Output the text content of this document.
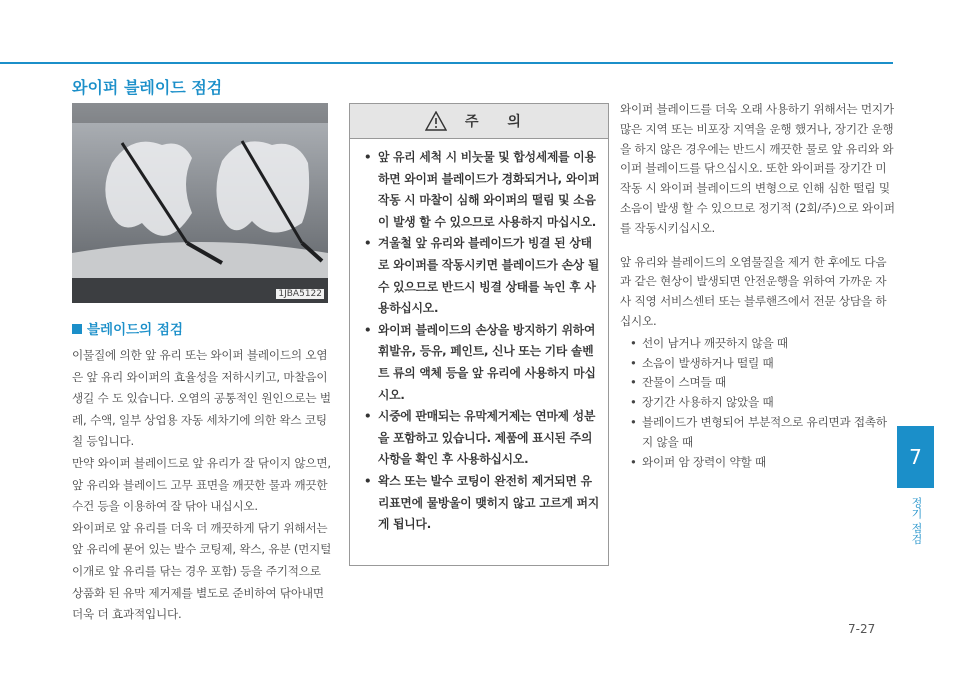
와이퍼 블레이드 점검
1JBA5122
블레이드의 점검

이물질에 의한 앞 유리 또는 와이퍼 블레이드의 오염은 앞 유리 와이퍼의 효율성을 저하시키고, 마찰음이 생길 수 도 있습니다. 오염의 공통적인 원인으로는 벌레, 수액, 일부 상업용 자동 세차기에 의한 왁스 코팅 칠 등입니다.

만약 와이퍼 블레이드로 앞 유리가 잘 닦이지 않으면, 앞 유리와 블레이드 고무 표면을 깨끗한 물과 깨끗한 수건 등을 이용하여 잘 닦아 내십시오.

와이퍼로 앞 유리를 더욱 더 깨끗하게 닦기 위해서는 앞 유리에 묻어 있는 발수 코팅제, 왁스, 유분 (먼지털이개로 앞 유리를 닦는 경우 포함) 등을 주기적으로 상품화 된 유막 제거제를 별도로 준비하여 닦아내면 더욱 더 효과적입니다.

주 의
• 앞 유리 세척 시 비눗물 및 합성세제를 이용하면 와이퍼 블레이드가 경화되거나, 와이퍼 작동 시 마찰이 심해 와이퍼의 떨림 및 소음이 발생 할 수 있으므로 사용하지 마십시오.
• 겨울철 앞 유리와 블레이드가 빙결 된 상태로 와이퍼를 작동시키면 블레이드가 손상 될 수 있으므로 반드시 빙결 상태를 녹인 후 사용하십시오.
• 와이퍼 블레이드의 손상을 방지하기 위하여 휘발유, 등유, 페인트, 신나 또는 기타 솔벤트 류의 액체 등을 앞 유리에 사용하지 마십시오.
• 시중에 판매되는 유막제거제는 연마제 성분을 포함하고 있습니다. 제품에 표시된 주의 사항을 확인 후 사용하십시오.
• 왁스 또는 발수 코팅이 완전히 제거되면 유리표면에 물방울이 맺히지 않고 고르게 퍼지게 됩니다.

와이퍼 블레이드를 더욱 오래 사용하기 위해서는 먼지가 많은 지역 또는 비포장 지역을 운행 했거나, 장기간 운행을 하지 않은 경우에는 반드시 깨끗한 물로 앞 유리와 와이퍼 블레이드를 닦으십시오. 또한 와이퍼를 장기간 미 작동 시 와이퍼 블레이드의 변형으로 인해 심한 떨림 및 소음이 발생 할 수 있으므로 정기적 (2회/주)으로 와이퍼를 작동시키십시오.

앞 유리와 블레이드의 오염물질을 제거 한 후에도 다음과 같은 현상이 발생되면 안전운행을 위하여 가까운 자사 직영 서비스센터 또는 블루핸즈에서 전문 상담을 하십시오.

• 선이 남거나 깨끗하지 않을 때
• 소음이 발생하거나 떨릴 때
• 잔물이 스며들 때
• 장기간 사용하지 않았을 때
• 블레이드가 변형되어 부분적으로 유리면과 접촉하지 않을 때
• 와이퍼 암 장력이 약할 때	7
정기 점검
7-27
